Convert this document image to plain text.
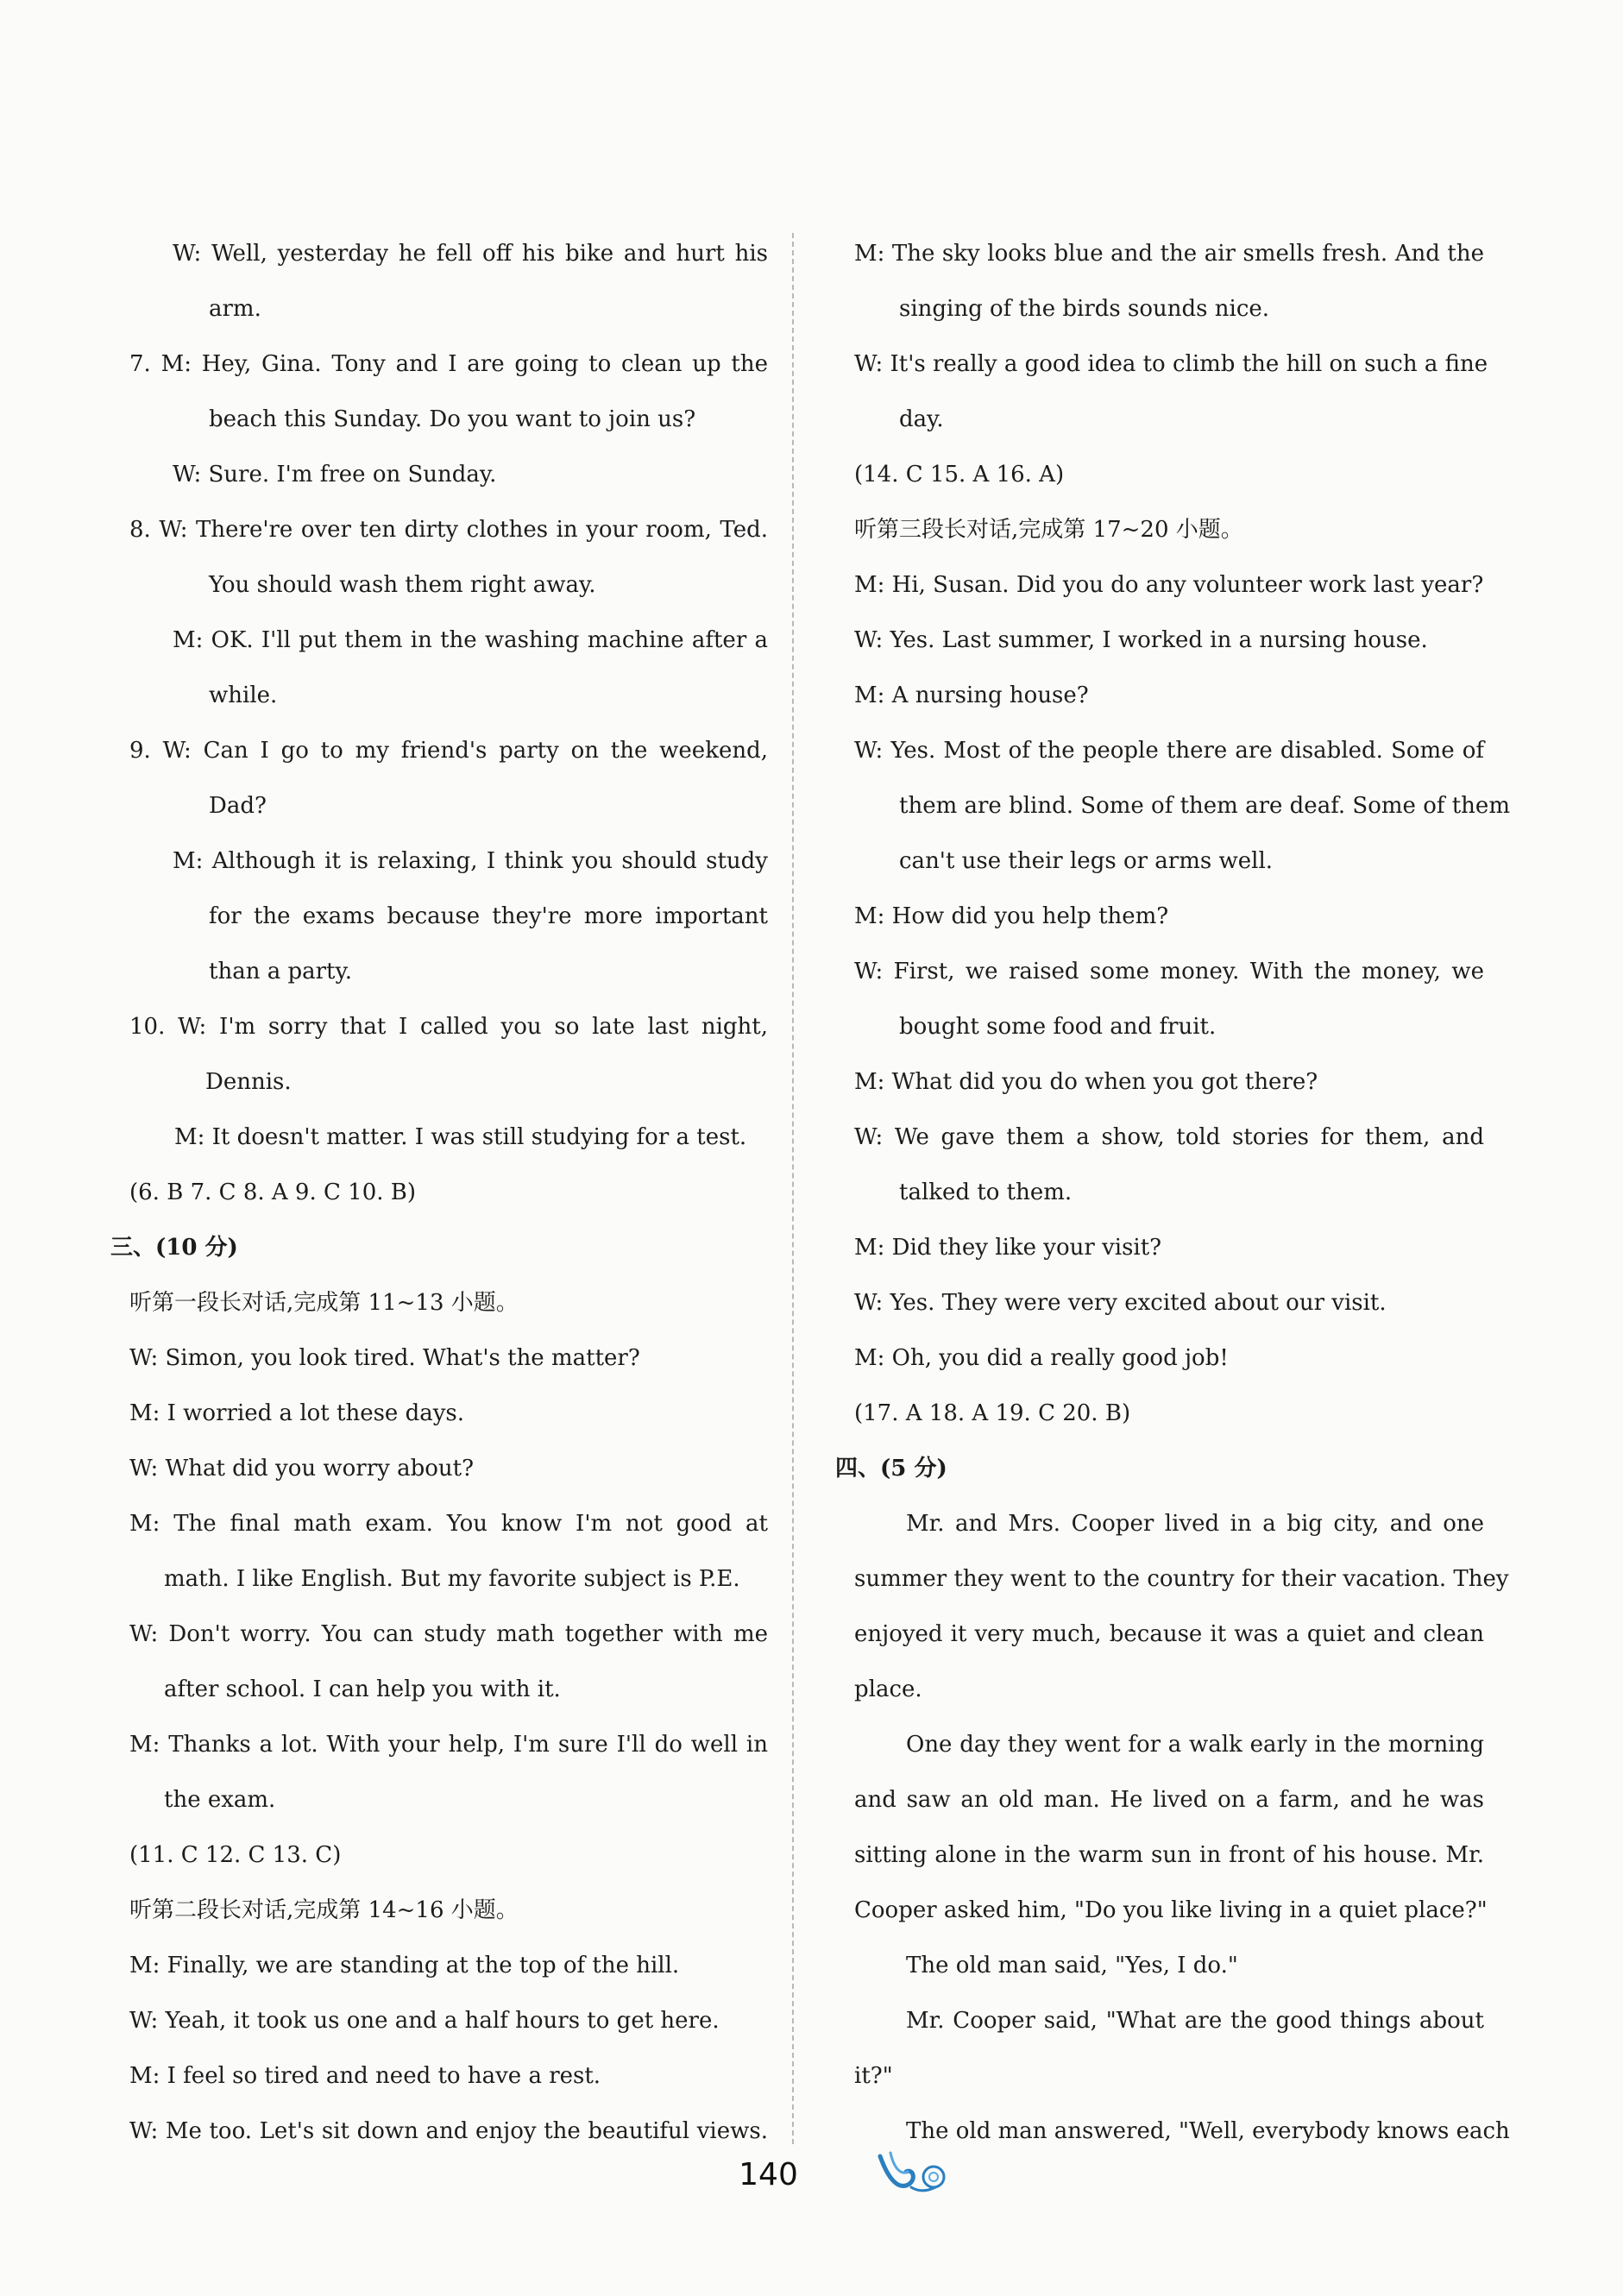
W: Well, yesterday he fell off his bike and hurt his
arm.
7. M: Hey, Gina. Tony and I are going to clean up the
beach this Sunday. Do you want to join us?
W: Sure. I'm free on Sunday.
8. W: There're over ten dirty clothes in your room, Ted.
You should wash them right away.
M: OK. I'll put them in the washing machine after a
while.
9. W: Can I go to my friend's party on the weekend,
Dad?
M: Although it is relaxing, I think you should study
for the exams because they're more important
than a party.
10. W: I'm sorry that I called you so late last night,
Dennis.
M: It doesn't matter. I was still studying for a test.
(6. B 7. C 8. A 9. C 10. B)
三、(10 分)
听第一段长对话,完成第 11~13 小题。
W: Simon, you look tired. What's the matter?
M: I worried a lot these days.
W: What did you worry about?
M: The final math exam. You know I'm not good at
math. I like English. But my favorite subject is P.E.
W: Don't worry. You can study math together with me
after school. I can help you with it.
M: Thanks a lot. With your help, I'm sure I'll do well in
the exam.
(11. C 12. C 13. C)
听第二段长对话,完成第 14~16 小题。
M: Finally, we are standing at the top of the hill.
W: Yeah, it took us one and a half hours to get here.
M: I feel so tired and need to have a rest.
W: Me too. Let's sit down and enjoy the beautiful views.
M: The sky looks blue and the air smells fresh. And the
singing of the birds sounds nice.
W: It's really a good idea to climb the hill on such a fine
day.
(14. C 15. A 16. A)
听第三段长对话,完成第 17~20 小题。
M: Hi, Susan. Did you do any volunteer work last year?
W: Yes. Last summer, I worked in a nursing house.
M: A nursing house?
W: Yes. Most of the people there are disabled. Some of
them are blind. Some of them are deaf. Some of them
can't use their legs or arms well.
M: How did you help them?
W: First, we raised some money. With the money, we
bought some food and fruit.
M: What did you do when you got there?
W: We gave them a show, told stories for them, and
talked to them.
M: Did they like your visit?
W: Yes. They were very excited about our visit.
M: Oh, you did a really good job!
(17. A 18. A 19. C 20. B)
四、(5 分)
Mr. and Mrs. Cooper lived in a big city, and one
summer they went to the country for their vacation. They
enjoyed it very much, because it was a quiet and clean
place.
One day they went for a walk early in the morning
and saw an old man. He lived on a farm, and he was
sitting alone in the warm sun in front of his house. Mr.
Cooper asked him, "Do you like living in a quiet place?"
The old man said, "Yes, I do."
Mr. Cooper said, "What are the good things about
it?"
The old man answered, "Well, everybody knows each
140
